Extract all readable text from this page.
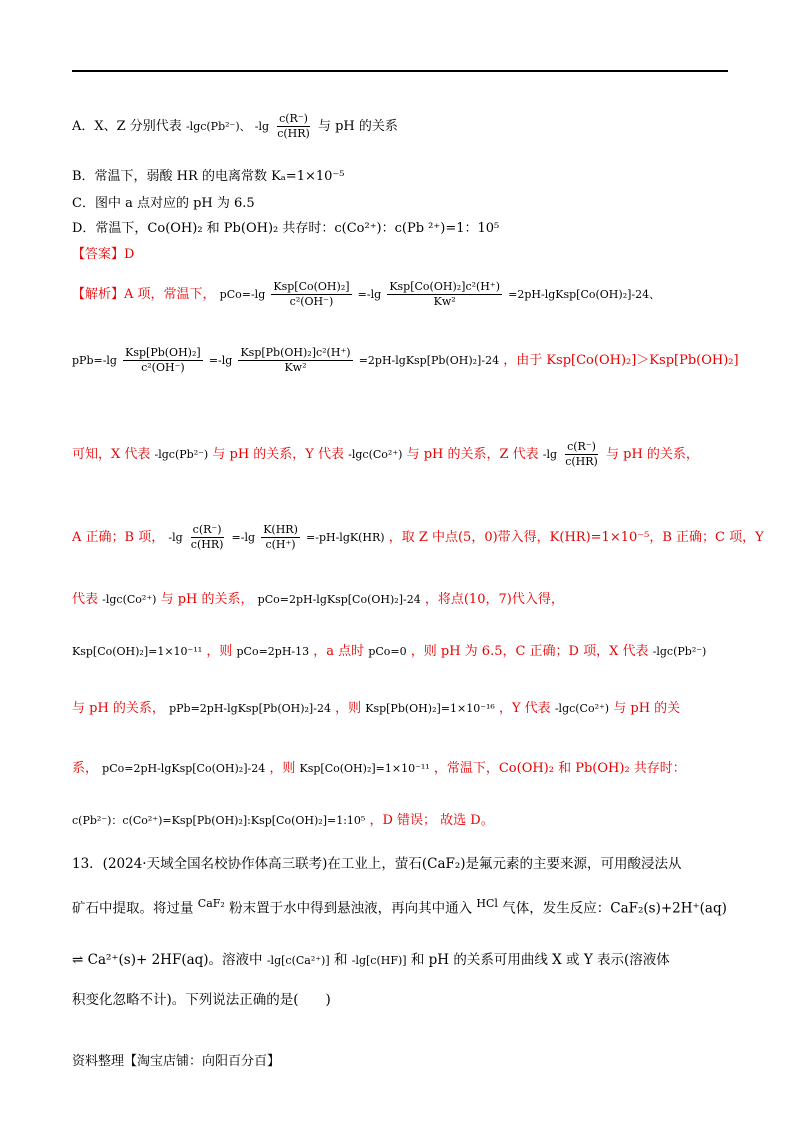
A．X、Z 分别代表 -lgc(Pb²⁻)、 $-\lg \frac{c(R^-)}{c(HR)}$ 与 pH 的关系
B．常温下，弱酸 HR 的电离常数 Kₐ=1×10⁻⁵
C．图中 a 点对应的 pH 为 6.5
D．常温下，Co(OH)₂ 和 Pb(OH)₂ 共存时：c(Co²⁺)：c(Pb ²⁺)=1：10⁵
【答案】D
【解析】A 项，常温下， $pCo=-\lg \frac{\text{Ksp[Co(OH)₂]}}{\text{c²(OH⁻)}} =-\lg \frac{\text{Ksp[Co(OH)₂]c²(H⁺)}}{\text{Kw²}}$ =2pH-lgKsp[Co(OH)₂]-24、
$pPb=-\lg \frac{\text{Ksp[Pb(OH)₂]}}{\text{c²(OH⁻)}} =-\lg \frac{\text{Ksp[Pb(OH)₂]c²(H⁺)}}{\text{Kw²}}$ =2pH-lgKsp[Pb(OH)₂]-24 ，由于 Ksp[Co(OH)₂]＞Ksp[Pb(OH)₂]
可知，X 代表 -lgc(Pb²⁻) 与 pH 的关系，Y 代表 -lgc(Co²⁺) 与 pH 的关系，Z 代表 $-\lg \frac{c(R^-)}{c(HR)}$ 与 pH 的关系，
A 正确；B 项， $-\lg \frac{c(R^-)}{c(HR)} =-\lg \frac{K(HR)}{c(H^+)} =-pH-\lg K(HR)$ ，取 Z 中点(5，0)带入得，K(HR)=1×10⁻⁵，B 正确；C 项，Y
代表 -lgc(Co²⁺) 与 pH 的关系， pCo=2pH-lgKsp[Co(OH)₂]-24 ，将点(10，7)代入得，
Ksp[Co(OH)₂]=1×10⁻¹¹ ，则 pCo=2pH-13 ，a 点时 pCo=0 ，则 pH 为 6.5，C 正确；D 项，X 代表 -lgc(Pb²⁻)
与 pH 的关系， pPb=2pH-lgKsp[Pb(OH)₂]-24 ，则 Ksp[Pb(OH)₂]=1×10⁻¹⁶ ，Y 代表 -lgc(Co²⁺) 与 pH 的关
系， pCo=2pH-lgKsp[Co(OH)₂]-24 ，则 Ksp[Co(OH)₂]=1×10⁻¹¹ ，常温下，Co(OH)₂ 和 Pb(OH)₂ 共存时：
c(Pb²⁻)：c(Co²⁺)=Ksp[Pb(OH)₂]:Ksp[Co(OH)₂]=1:10⁵ ，D 错误； 故选 D。
13．(2024·天域全国名校协作体高三联考)在工业上，萤石(CaF₂)是氟元素的主要来源，可用酸浸法从
矿石中提取。将过量 $^{CaF_2}$ 粉末置于水中得到悬浊液，再向其中通入 $^{HCl}$ 气体，发生反应：CaF₂(s)+2H⁺(aq)
⇌ Ca²⁺(s)+ 2HF(aq)。溶液中 -lg[c(Ca²⁺)] 和 -lg[c(HF)] 和 pH 的关系可用曲线 X 或 Y 表示(溶液体
积变化忽略不计)。下列说法正确的是(　　)
资料整理【淘宝店铺：向阳百分百】
